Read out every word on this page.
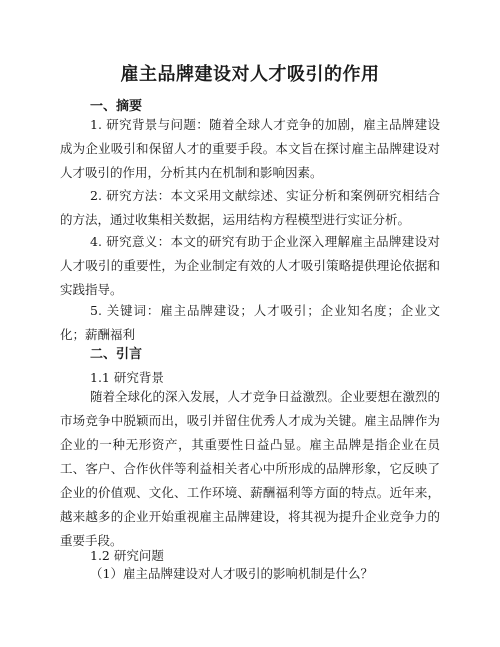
雇主品牌建设对人才吸引的作用
一、摘要
1. 研究背景与问题：随着全球人才竞争的加剧，雇主品牌建设成为企业吸引和保留人才的重要手段。本文旨在探讨雇主品牌建设对人才吸引的作用，分析其内在机制和影响因素。
2. 研究方法：本文采用文献综述、实证分析和案例研究相结合的方法，通过收集相关数据，运用结构方程模型进行实证分析。
4. 研究意义：本文的研究有助于企业深入理解雇主品牌建设对人才吸引的重要性，为企业制定有效的人才吸引策略提供理论依据和实践指导。
5. 关键词：雇主品牌建设；人才吸引；企业知名度；企业文化；薪酬福利
二、引言
1.1 研究背景
随着全球化的深入发展，人才竞争日益激烈。企业要想在激烈的市场竞争中脱颖而出，吸引并留住优秀人才成为关键。雇主品牌作为企业的一种无形资产，其重要性日益凸显。雇主品牌是指企业在员工、客户、合作伙伴等利益相关者心中所形成的品牌形象，它反映了企业的价值观、文化、工作环境、薪酬福利等方面的特点。近年来，越来越多的企业开始重视雇主品牌建设，将其视为提升企业竞争力的重要手段。
1.2 研究问题
（1）雇主品牌建设对人才吸引的影响机制是什么？
